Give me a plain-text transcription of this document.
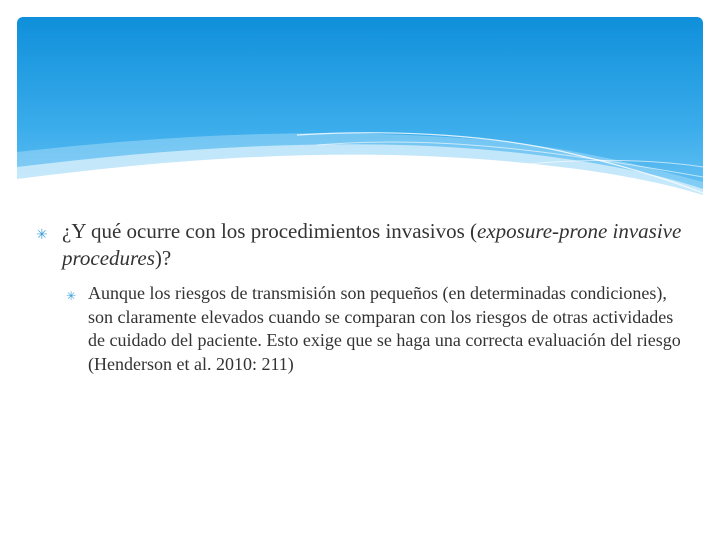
✳ ¿Y qué ocurre con los procedimientos invasivos (exposure-prone invasive procedures)?
✳ Aunque los riesgos de transmisión son pequeños (en determinadas condiciones), son claramente elevados cuando se comparan con los riesgos de otras actividades de cuidado del paciente. Esto exige que se haga una correcta evaluación del riesgo (Henderson et al. 2010: 211)
